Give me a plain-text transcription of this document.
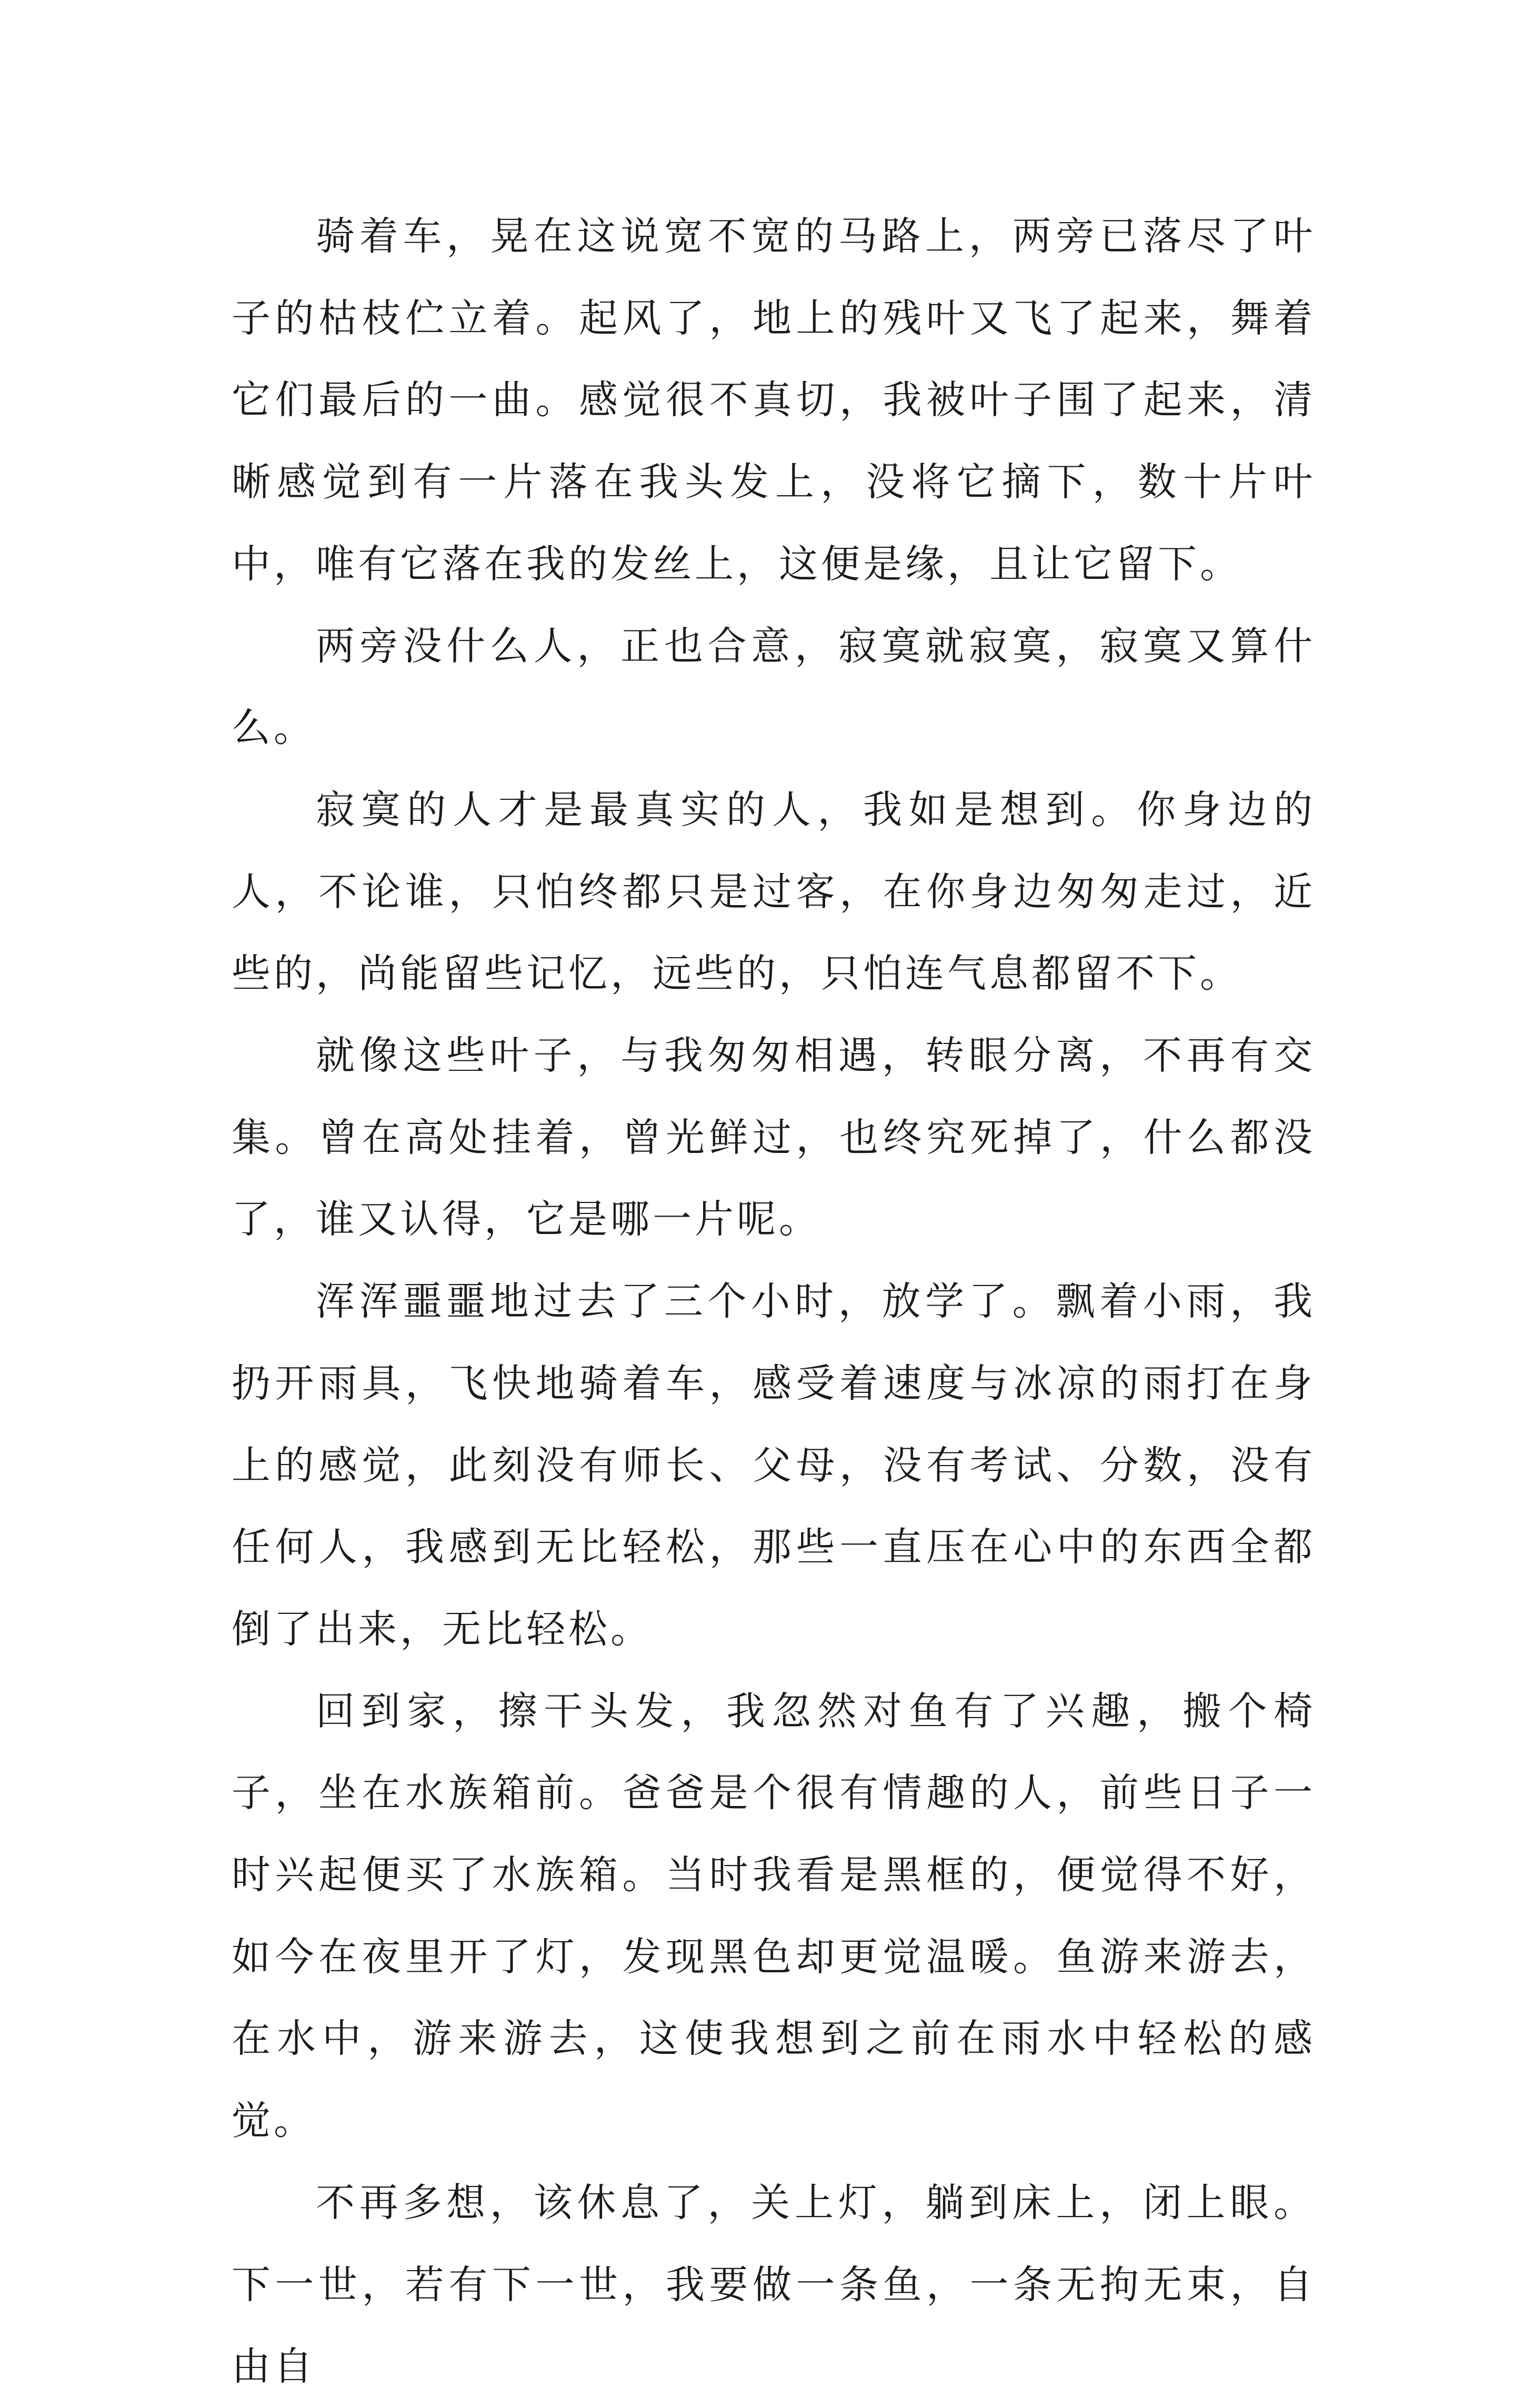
骑着车，晃在这说宽不宽的马路上，两旁已落尽了叶子的枯枝伫立着。起风了，地上的残叶又飞了起来，舞着它们最后的一曲。感觉很不真切，我被叶子围了起来，清晰感觉到有一片落在我头发上，没将它摘下，数十片叶中，唯有它落在我的发丝上，这便是缘，且让它留下。

两旁没什么人，正也合意，寂寞就寂寞，寂寞又算什么。

寂寞的人才是最真实的人，我如是想到。你身边的人，不论谁，只怕终都只是过客，在你身边匆匆走过，近些的，尚能留些记忆，远些的，只怕连气息都留不下。

就像这些叶子，与我匆匆相遇，转眼分离，不再有交集。曾在高处挂着，曾光鲜过，也终究死掉了，什么都没了，谁又认得，它是哪一片呢。

浑浑噩噩地过去了三个小时，放学了。飘着小雨，我扔开雨具，飞快地骑着车，感受着速度与冰凉的雨打在身上的感觉，此刻没有师长、父母，没有考试、分数，没有任何人，我感到无比轻松，那些一直压在心中的东西全都倒了出来，无比轻松。

回到家，擦干头发，我忽然对鱼有了兴趣，搬个椅子，坐在水族箱前。爸爸是个很有情趣的人，前些日子一时兴起便买了水族箱。当时我看是黑框的，便觉得不好，如今在夜里开了灯，发现黑色却更觉温暖。鱼游来游去，在水中，游来游去，这使我想到之前在雨水中轻松的感觉。

不再多想，该休息了，关上灯，躺到床上，闭上眼。下一世，若有下一世，我要做一条鱼，一条无拘无束，自由自
